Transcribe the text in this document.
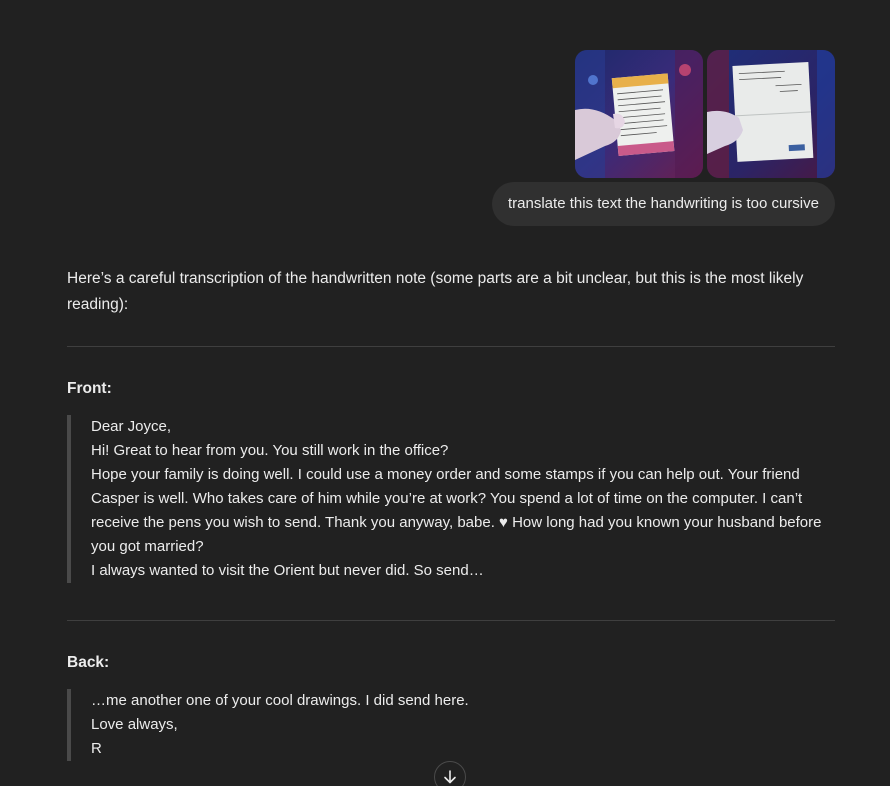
translate this text the handwriting is too cursive

Here’s a careful transcription of the handwritten note (some parts are a bit unclear, but this is the most likely reading):

Front:

Dear Joyce,
Hi! Great to hear from you. You still work in the office?
Hope your family is doing well. I could use a money order and some stamps if you can help out. Your friend Casper is well. Who takes care of him while you’re at work? You spend a lot of time on the computer. I can’t receive the pens you wish to send. Thank you anyway, babe. ♥ How long had you known your husband before you got married?
I always wanted to visit the Orient but never did. So send…

Back:

…me another one of your cool drawings. I did send here.
Love always,
R
